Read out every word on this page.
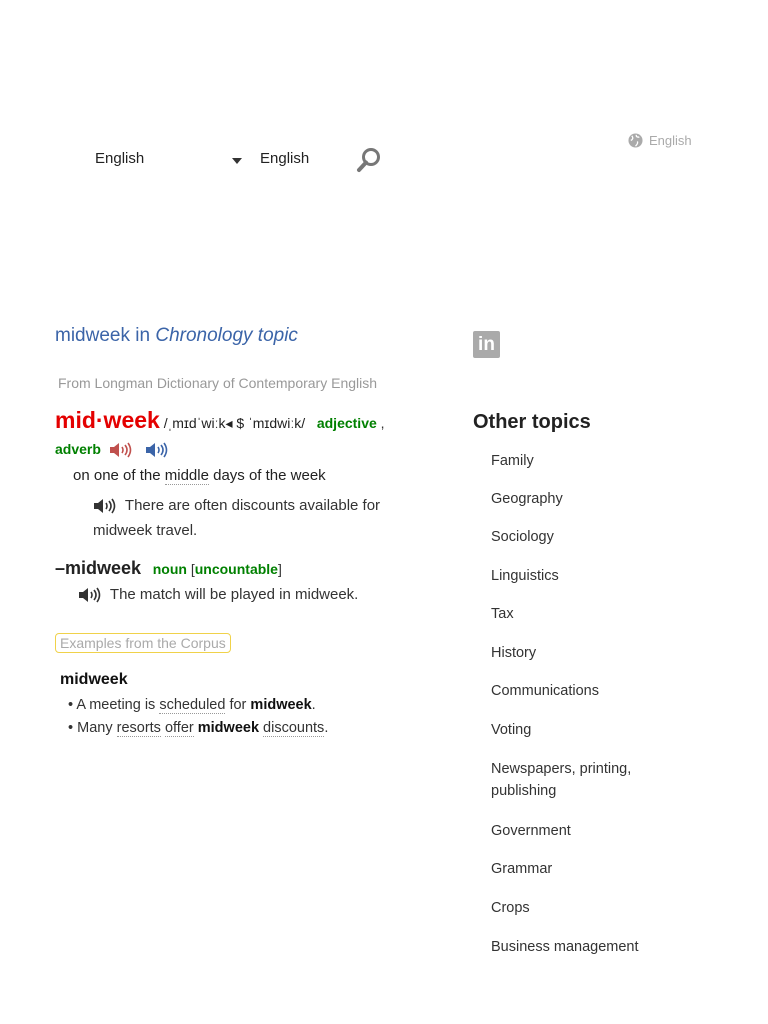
English	English
English
midweek in Chronology topic
From Longman Dictionary of Contemporary English
mid·week /ˌmɪdˈwiːk◂ $ ˈmɪdwiːk/   adjective ,
adverb
on one of the middle days of the week
There are often discounts available for midweek travel.
–midweek noun [uncountable]
The match will be played in midweek.
Examples from the Corpus
midweek
• A meeting is scheduled for midweek.
• Many resorts offer midweek discounts.
in
Other topics
Family
Geography
Sociology
Linguistics
Tax
History
Communications
Voting
Newspapers, printing, publishing
Government
Grammar
Crops
Business management
